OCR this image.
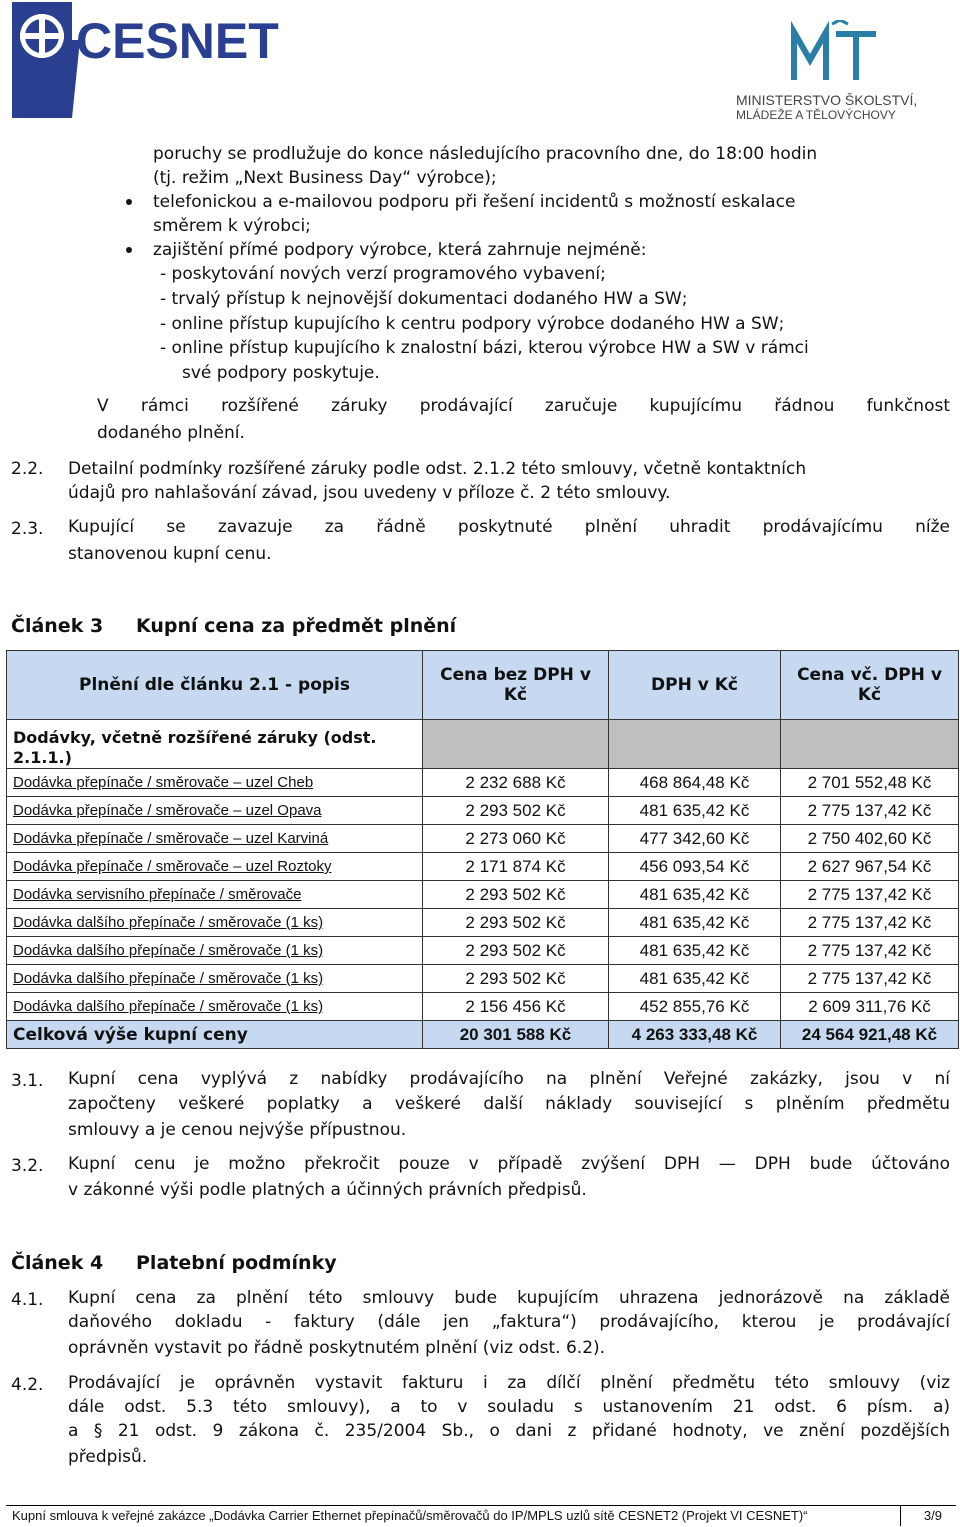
CESNET
MINISTERSTVO ŠKOLSTVÍ,
MLÁDEŽE A TĚLOVÝCHOVY
poruchy se prodlužuje do konce následujícího pracovního dne, do 18:00 hodin
(tj. režim „Next Business Day“ výrobce);
telefonickou a e-mailovou podporu při řešení incidentů s možností eskalace
směrem k výrobci;
zajištění přímé podpory výrobce, která zahrnuje nejméně:
- poskytování nových verzí programového vybavení;
- trvalý přístup k nejnovější dokumentaci dodaného HW a SW;
- online přístup kupujícího k centru podpory výrobce dodaného HW a SW;
- online přístup kupujícího k znalostní bázi, kterou výrobce HW a SW v rámci
své podpory poskytuje.
V rámci rozšířené záruky prodávající zaručuje kupujícímu řádnou funkčnost
dodaného plnění.
2.2. Detailní podmínky rozšířené záruky podle odst. 2.1.2 této smlouvy, včetně kontaktních
údajů pro nahlašování závad, jsou uvedeny v příloze č. 2 této smlouvy.
2.3. Kupující se zavazuje za řádně poskytnuté plnění uhradit prodávajícímu níže
stanovenou kupní cenu.
Článek 3 Kupní cena za předmět plnění
Plnění dle článku 2.1 - popis	Cena bez DPH v Kč	DPH v Kč	Cena vč. DPH v Kč
Dodávky, včetně rozšířené záruky (odst. 2.1.1.)			
Dodávka přepínače / směrovače – uzel Cheb	2 232 688 Kč	468 864,48 Kč	2 701 552,48 Kč
Dodávka přepínače / směrovače – uzel Opava	2 293 502 Kč	481 635,42 Kč	2 775 137,42 Kč
Dodávka přepínače / směrovače – uzel Karviná	2 273 060 Kč	477 342,60 Kč	2 750 402,60 Kč
Dodávka přepínače / směrovače – uzel Roztoky	2 171 874 Kč	456 093,54 Kč	2 627 967,54 Kč
Dodávka servisního přepínače / směrovače	2 293 502 Kč	481 635,42 Kč	2 775 137,42 Kč
Dodávka dalšího přepínače / směrovače (1 ks)	2 293 502 Kč	481 635,42 Kč	2 775 137,42 Kč
Dodávka dalšího přepínače / směrovače (1 ks)	2 293 502 Kč	481 635,42 Kč	2 775 137,42 Kč
Dodávka dalšího přepínače / směrovače (1 ks)	2 293 502 Kč	481 635,42 Kč	2 775 137,42 Kč
Dodávka dalšího přepínače / směrovače (1 ks)	2 156 456 Kč	452 855,76 Kč	2 609 311,76 Kč
Celková výše kupní ceny	20 301 588 Kč	4 263 333,48 Kč	24 564 921,48 Kč
3.1. Kupní cena vyplývá z nabídky prodávajícího na plnění Veřejné zakázky, jsou v ní
započteny veškeré poplatky a veškeré další náklady související s plněním předmětu
smlouvy a je cenou nejvýše přípustnou.
3.2. Kupní cenu je možno překročit pouze v případě zvýšení DPH — DPH bude účtováno
v zákonné výši podle platných a účinných právních předpisů.
Článek 4 Platební podmínky
4.1. Kupní cena za plnění této smlouvy bude kupujícím uhrazena jednorázově na základě
daňového dokladu - faktury (dále jen „faktura“) prodávajícího, kterou je prodávající
oprávněn vystavit po řádně poskytnutém plnění (viz odst. 6.2).
4.2. Prodávající je oprávněn vystavit fakturu i za dílčí plnění předmětu této smlouvy (viz
dále odst. 5.3 této smlouvy), a to v souladu s ustanovením 21 odst. 6 písm. a)
a § 21 odst. 9 zákona č. 235/2004 Sb., o dani z přidané hodnoty, ve znění pozdějších
předpisů.
Kupní smlouva k veřejné zakázce „Dodávka Carrier Ethernet přepínačů/směrovačů do IP/MPLS uzlů sítě CESNET2 (Projekt VI CESNET)“	3/9
